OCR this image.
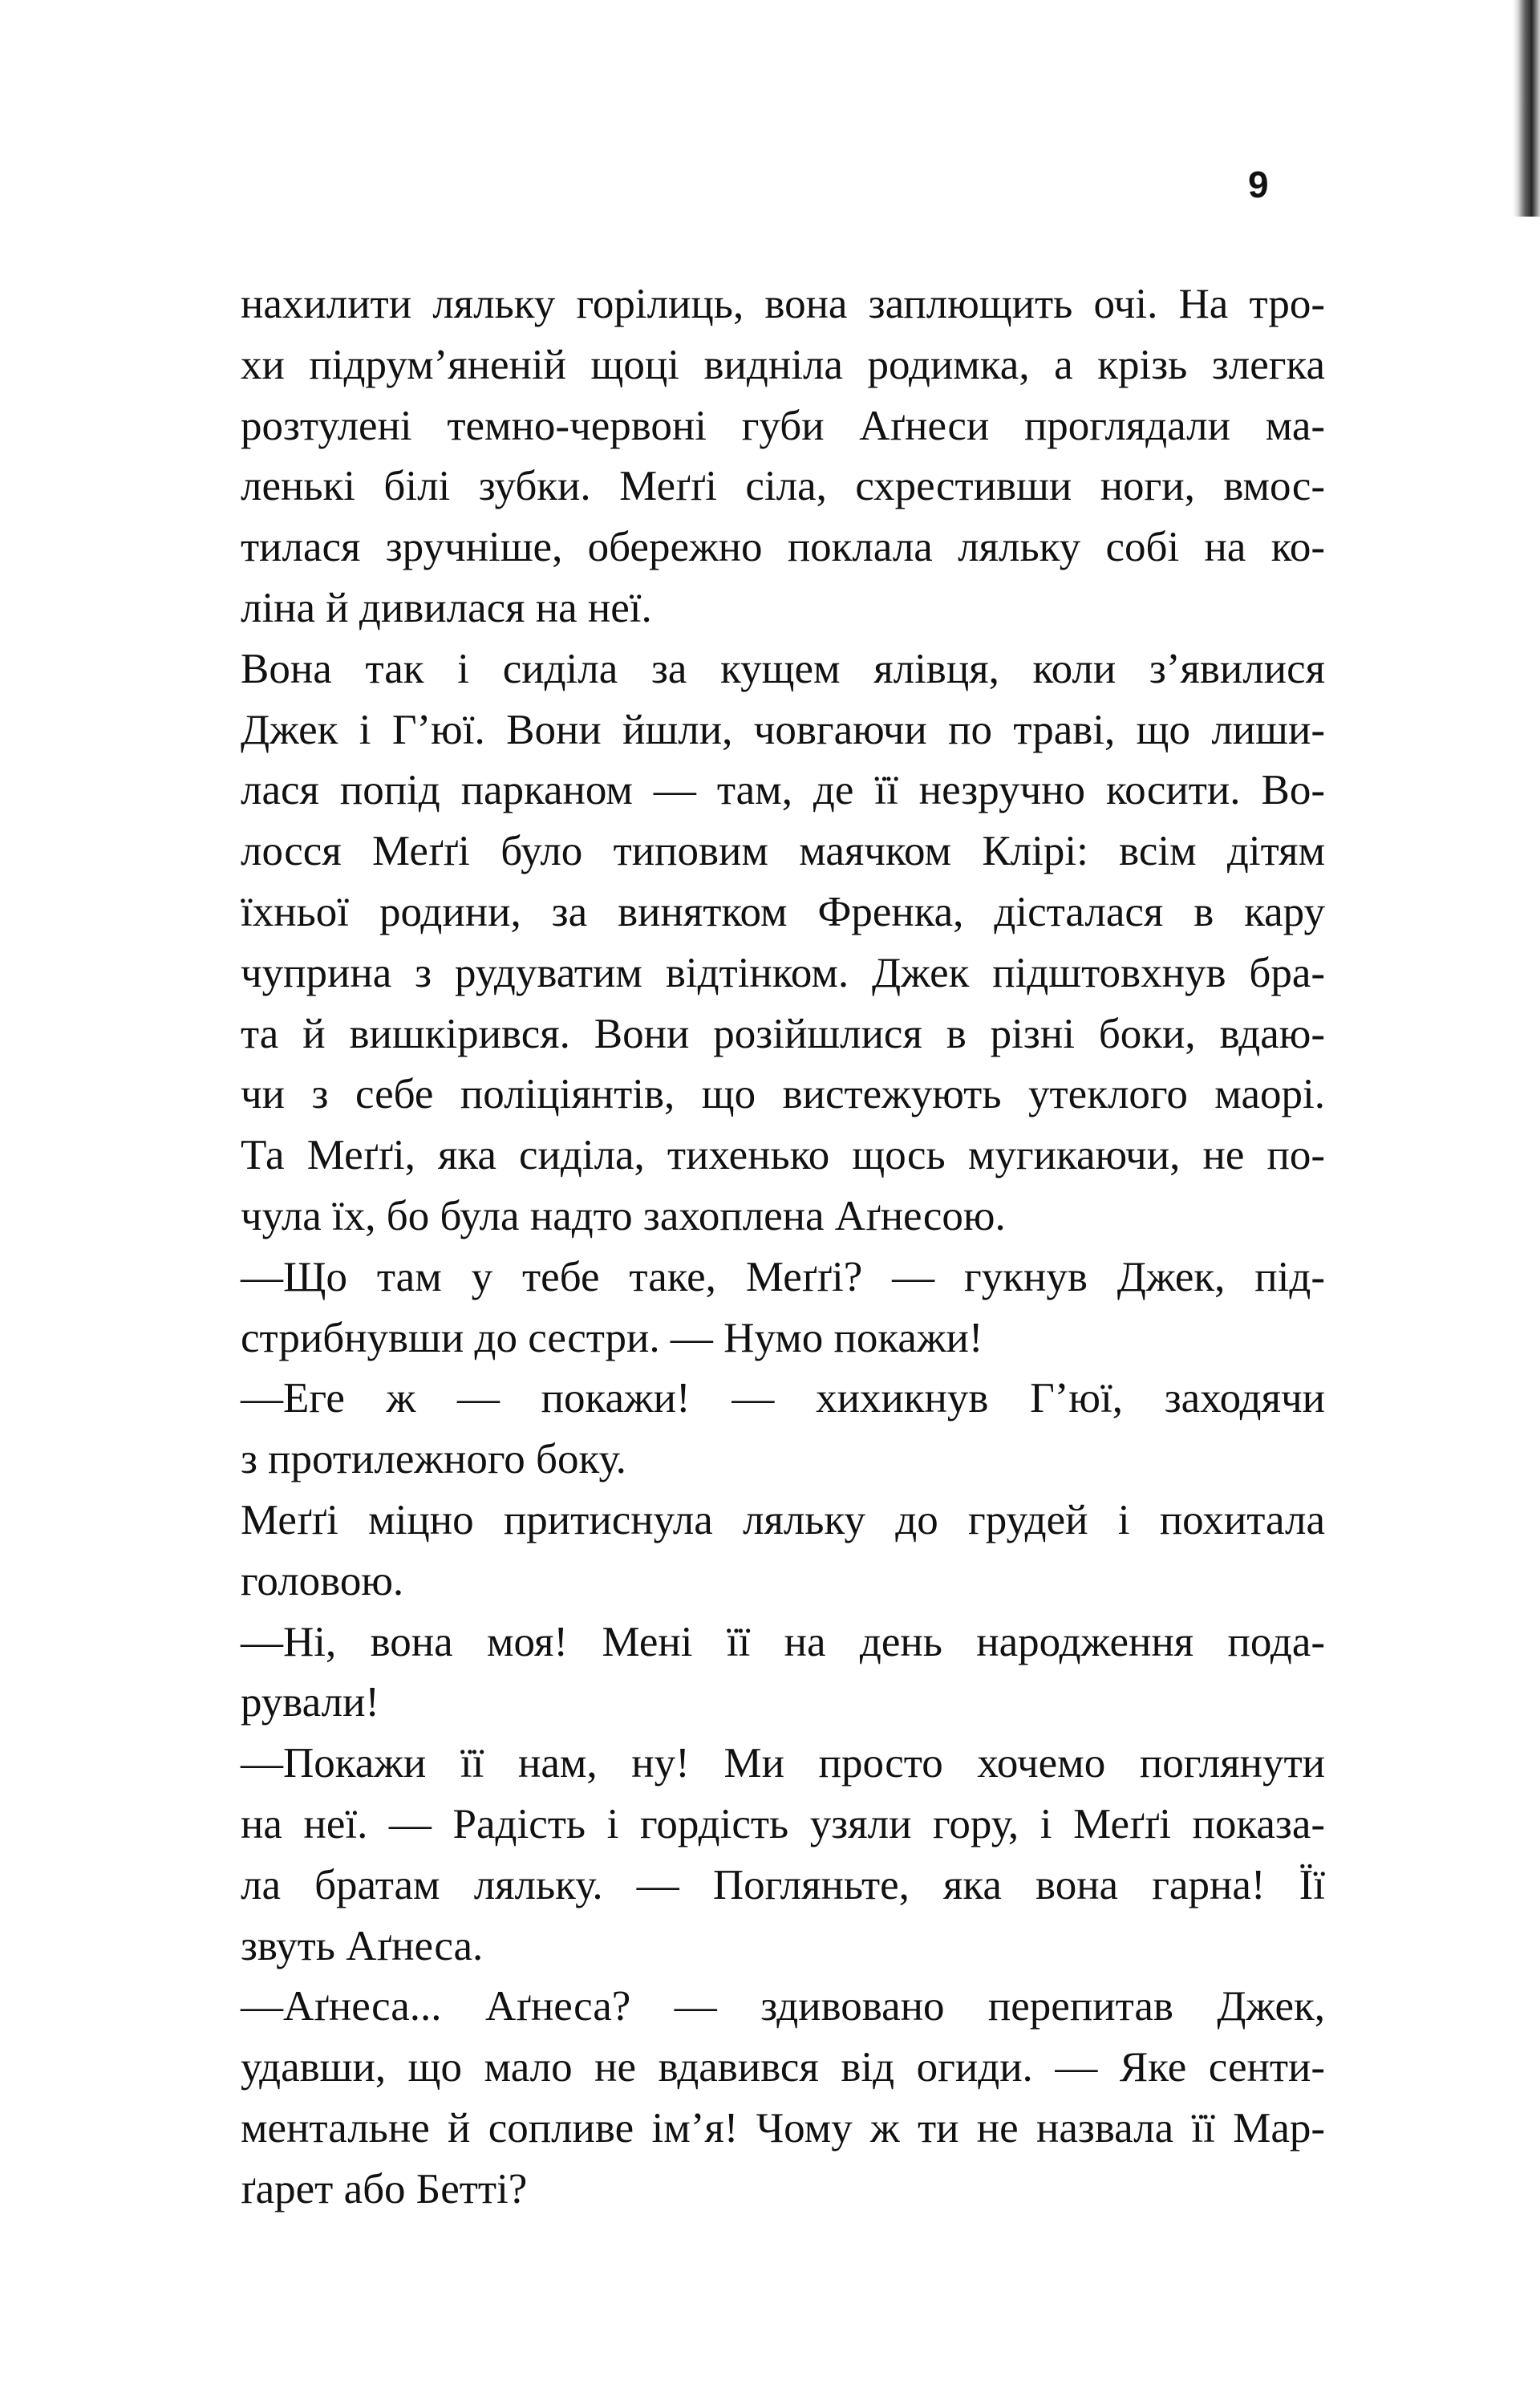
9
нахилити ляльку горілиць, вона заплющить очі. На тро-
хи підрум’яненій щоці виднiла родимка, а крізь злегка
розтулені темно-червоні губи Аґнеси проглядали ма-
ленькі білі зубки. Меґґі сіла, схрестивши ноги, вмос-
тилася зручніше, обережно поклала ляльку собі на ко-
ліна й дивилася на неї.
Вона так і сиділа за кущем ялівця, коли з’явилися
Джек і Г’юї. Вони йшли, човгаючи по траві, що лиши-
лася попід парканом — там, де її незручно косити. Во-
лосся Меґґі було типовим маячком Клірі: всім дітям
їхньої родини, за винятком Френка, дісталася в кару
чуприна з рудуватим відтінком. Джек підштовхнув бра-
та й вишкірився. Вони розійшлися в різні боки, вдаю-
чи з себе поліціянтів, що вистежують утеклого маорі.
Та Меґґі, яка сиділа, тихенько щось мугикаючи, не по-
чула їх, бо була надто захоплена Аґнесою.
—Що там у тебе таке, Меґґі? — гукнув Джек, під-
стрибнувши до сестри. — Нумо покажи!
—Еге ж — покажи! — хихикнув Г’юї, заходячи
з протилежного боку.
Меґґі міцно притиснула ляльку до грудей і похитала
головою.
—Ні, вона моя! Мені її на день народження пода-
рували!
—Покажи її нам, ну! Ми просто хочемо поглянути
на неї. — Радість і гордість узяли гору, і Меґґі показа-
ла братам ляльку. — Погляньте, яка вона гарна! Її
звуть Аґнеса.
—Аґнеса... Аґнеса? — здивовано перепитав Джек,
удавши, що мало не вдавився від огиди. — Яке сенти-
ментальне й сопливе ім’я! Чому ж ти не назвала її Мар-
ґарет або Бетті?
